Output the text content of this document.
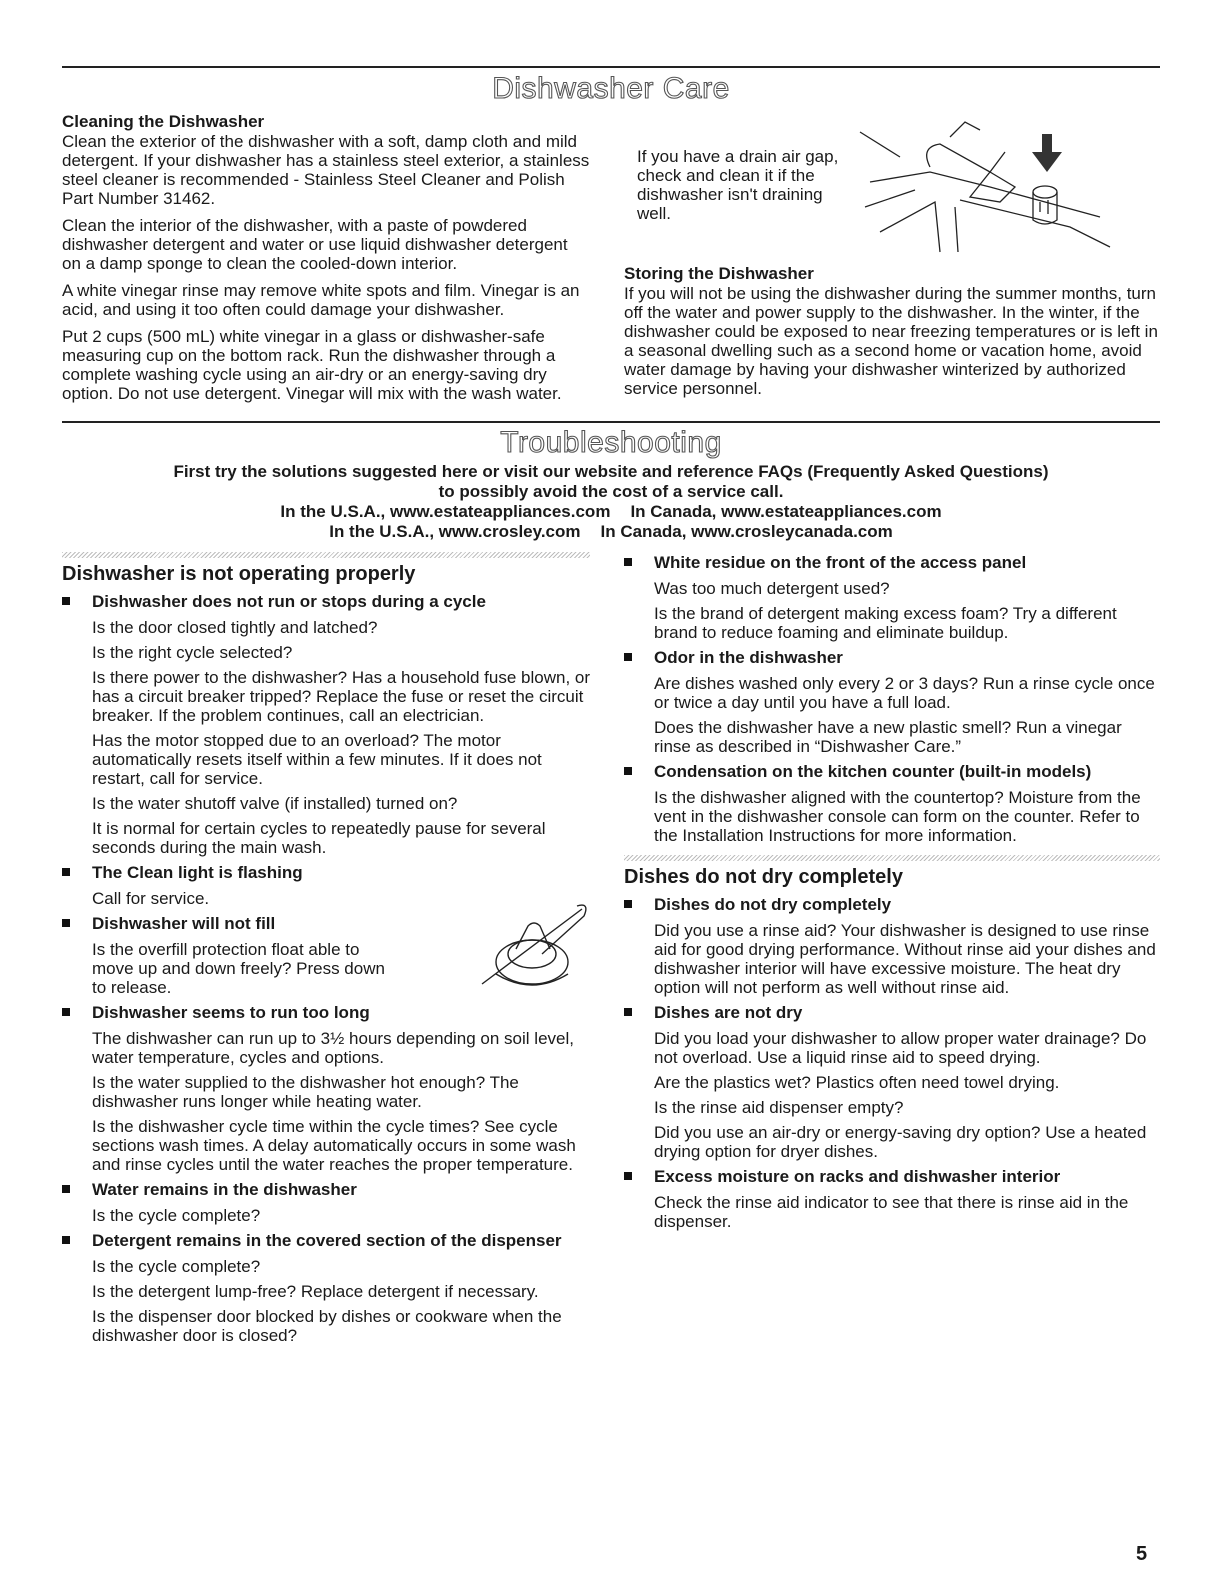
Dishwasher Care

Cleaning the Dishwasher

Clean the exterior of the dishwasher with a soft, damp cloth and mild detergent. If your dishwasher has a stainless steel exterior, a stainless steel cleaner is recommended - Stainless Steel Cleaner and Polish Part Number 31462.

Clean the interior of the dishwasher, with a paste of powdered dishwasher detergent and water or use liquid dishwasher detergent on a damp sponge to clean the cooled-down interior.

A white vinegar rinse may remove white spots and film. Vinegar is an acid, and using it too often could damage your dishwasher.

Put 2 cups (500 mL) white vinegar in a glass or dishwasher-safe measuring cup on the bottom rack. Run the dishwasher through a complete washing cycle using an air-dry or an energy-saving dry option. Do not use detergent. Vinegar will mix with the wash water.

If you have a drain air gap, check and clean it if the dishwasher isn't draining well.

Storing the Dishwasher

If you will not be using the dishwasher during the summer months, turn off the water and power supply to the dishwasher. In the winter, if the dishwasher could be exposed to near freezing temperatures or is left in a seasonal dwelling such as a second home or vacation home, avoid water damage by having your dishwasher winterized by authorized service personnel.

Troubleshooting

First try the solutions suggested here or visit our website and reference FAQs (Frequently Asked Questions)

to possibly avoid the cost of a service call.

In the U.S.A., www.estateappliances.com In Canada, www.estateappliances.com

In the U.S.A., www.crosley.com In Canada, www.crosleycanada.com

Dishwasher is not operating properly

Dishwasher does not run or stops during a cycle

Is the door closed tightly and latched?

Is the right cycle selected?

Is there power to the dishwasher? Has a household fuse blown, or has a circuit breaker tripped? Replace the fuse or reset the circuit breaker. If the problem continues, call an electrician.

Has the motor stopped due to an overload? The motor automatically resets itself within a few minutes. If it does not restart, call for service.

Is the water shutoff valve (if installed) turned on?

It is normal for certain cycles to repeatedly pause for several seconds during the main wash.

The Clean light is flashing

Call for service.

Dishwasher will not fill

Is the overfill protection float able to move up and down freely? Press down to release.

Dishwasher seems to run too long

The dishwasher can run up to 3½ hours depending on soil level, water temperature, cycles and options.

Is the water supplied to the dishwasher hot enough? The dishwasher runs longer while heating water.

Is the dishwasher cycle time within the cycle times? See cycle sections wash times. A delay automatically occurs in some wash and rinse cycles until the water reaches the proper temperature.

Water remains in the dishwasher

Is the cycle complete?

Detergent remains in the covered section of the dispenser

Is the cycle complete?

Is the detergent lump-free? Replace detergent if necessary.

Is the dispenser door blocked by dishes or cookware when the dishwasher door is closed?

White residue on the front of the access panel

Was too much detergent used?

Is the brand of detergent making excess foam? Try a different brand to reduce foaming and eliminate buildup.

Odor in the dishwasher

Are dishes washed only every 2 or 3 days? Run a rinse cycle once or twice a day until you have a full load.

Does the dishwasher have a new plastic smell? Run a vinegar rinse as described in “Dishwasher Care.”

Condensation on the kitchen counter (built-in models)

Is the dishwasher aligned with the countertop? Moisture from the vent in the dishwasher console can form on the counter. Refer to the Installation Instructions for more information.

Dishes do not dry completely

Dishes do not dry completely

Did you use a rinse aid? Your dishwasher is designed to use rinse aid for good drying performance. Without rinse aid your dishes and dishwasher interior will have excessive moisture. The heat dry option will not perform as well without rinse aid.

Dishes are not dry

Did you load your dishwasher to allow proper water drainage? Do not overload. Use a liquid rinse aid to speed drying.

Are the plastics wet? Plastics often need towel drying.

Is the rinse aid dispenser empty?

Did you use an air-dry or energy-saving dry option? Use a heated drying option for dryer dishes.

Excess moisture on racks and dishwasher interior

Check the rinse aid indicator to see that there is rinse aid in the dispenser.

5
